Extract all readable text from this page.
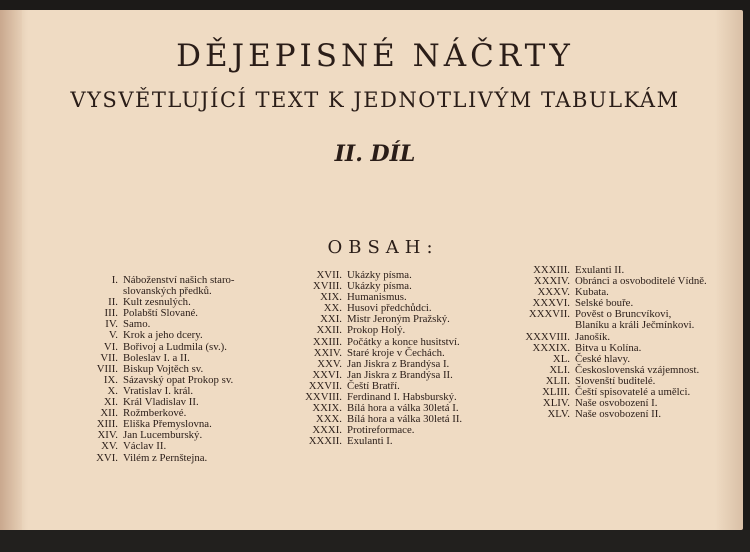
DĚJEPISNÉ NÁČRTY
VYSVĚTLUJÍCÍ TEXT K JEDNOTLIVÝM TABULKÁM
II. DÍL
OBSAH:
I. Náboženství našich staro-slovanských předků.
II. Kult zesnulých.
III. Polabští Slované.
IV. Samo.
V. Krok a jeho dcery.
VI. Bořivoj a Ludmila (sv.).
VII. Boleslav I. a II.
VIII. Biskup Vojtěch sv.
IX. Sázavský opat Prokop sv.
X. Vratislav I. král.
XI. Král Vladislav II.
XII. Rožmberkové.
XIII. Eliška Přemyslovna.
XIV. Jan Lucemburský.
XV. Václav II.
XVI. Vilém z Pernštejna.
XVII. Ukázky písma.
XVIII. Ukázky písma.
XIX. Humanismus.
XX. Husovi předchůdci.
XXI. Mistr Jeroným Pražský.
XXII. Prokop Holý.
XXIII. Počátky a konce husitství.
XXIV. Staré kroje v Čechách.
XXV. Jan Jiskra z Brandýsa I.
XXVI. Jan Jiskra z Brandýsa II.
XXVII. Čeští Bratří.
XXVIII. Ferdinand I. Habsburský.
XXIX. Bílá hora a válka 30letá I.
XXX. Bílá hora a válka 30letá II.
XXXI. Protireformace.
XXXII. Exulanti I.
XXXIII. Exulanti II.
XXXIV. Obránci a osvoboditelé Vídně.
XXXV. Kubata.
XXXVI. Selské bouře.
XXXVII. Pověst o Bruncvíkovi, Blaníku a králi Ječmínkovi.
XXXVIII. Janošík.
XXXIX. Bitva u Kolína.
XL. České hlavy.
XLI. Československá vzájemnost.
XLII. Slovenští buditelé.
XLIII. Čeští spisovatelé a umělci.
XLIV. Naše osvobození I.
XLV. Naše osvobození II.
